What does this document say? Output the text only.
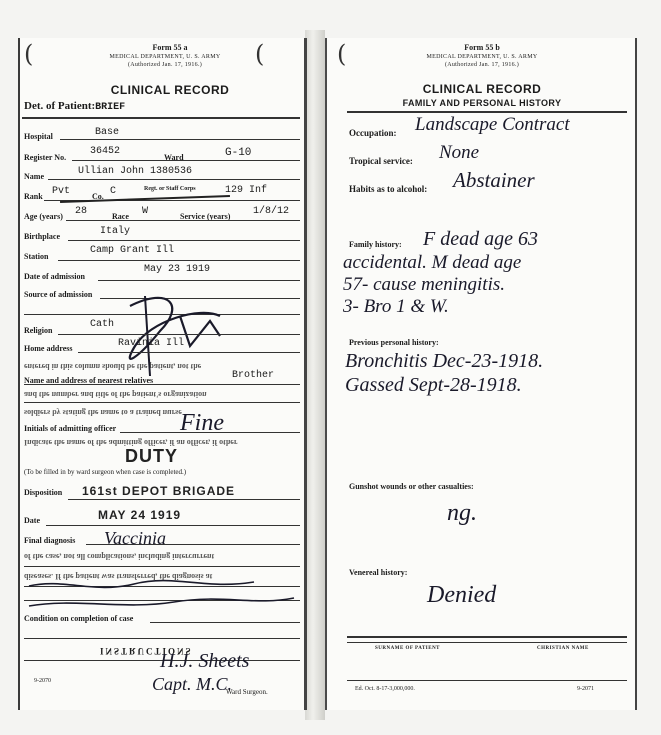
(	(
Form 55 a
MEDICAL DEPARTMENT, U. S. ARMY
(Authorized Jan. 17, 1916.)
CLINICAL RECORD
Det. of Patient:BRIEF
Hospital	Base
Register No.
36452
Ward	G-10
Name	Ullian John 1380536
Rank Pvt	Co. C	Regt. or Staff Corps	129 Inf
Age (years) 28	Race W	Service (years) 1/8/12
Birthplace	Italy
Station
Camp Grant Ill
Date of admission
May 23 1919
Source of admission
Religion
Cath
Home address	Ravinia Ill
entered in this column should be the patient, not the
Name and address of nearest relatives	Brother
and the number and title of the patient's organization
soldiers by stating the name to a trained nurse
Initials of admitting officer	Fine
Indicate the name of the admitting officer, if an officer, if other
DUTY
(To be filled in by ward surgeon when case is completed.)
Disposition 161st DEPOT BRIGADE
Date	MAY 24 1919
Final diagnosis Vaccinia
of the case, not all complications, including intercurrent
diseases. If the patient was transferred, the diagnosis at
Condition on completion of case
INSTRUCTIONS
H.J. Sheets
Capt. M.C.
Ward Surgeon.
9-2070
(	Form 55 b
MEDICAL DEPARTMENT, U. S. ARMY
(Authorized Jan. 17, 1916.)
CLINICAL RECORD
FAMILY AND PERSONAL HISTORY
Occupation: Landscape Contract
Tropical service: None
Habits as to alcohol: Abstainer
Family history: F dead age 63
accidental. M dead age
57- cause meningitis.
3- Bro 1 & W.
Previous personal history:
Bronchitis Dec-23-1918.
Gassed Sept-28-1918.
Gunshot wounds or other casualties:
ng.
Venereal history:
Denied
SURNAME OF PATIENT	CHRISTIAN NAME
Ed. Oct. 8-17-3,000,000.	9-2071
